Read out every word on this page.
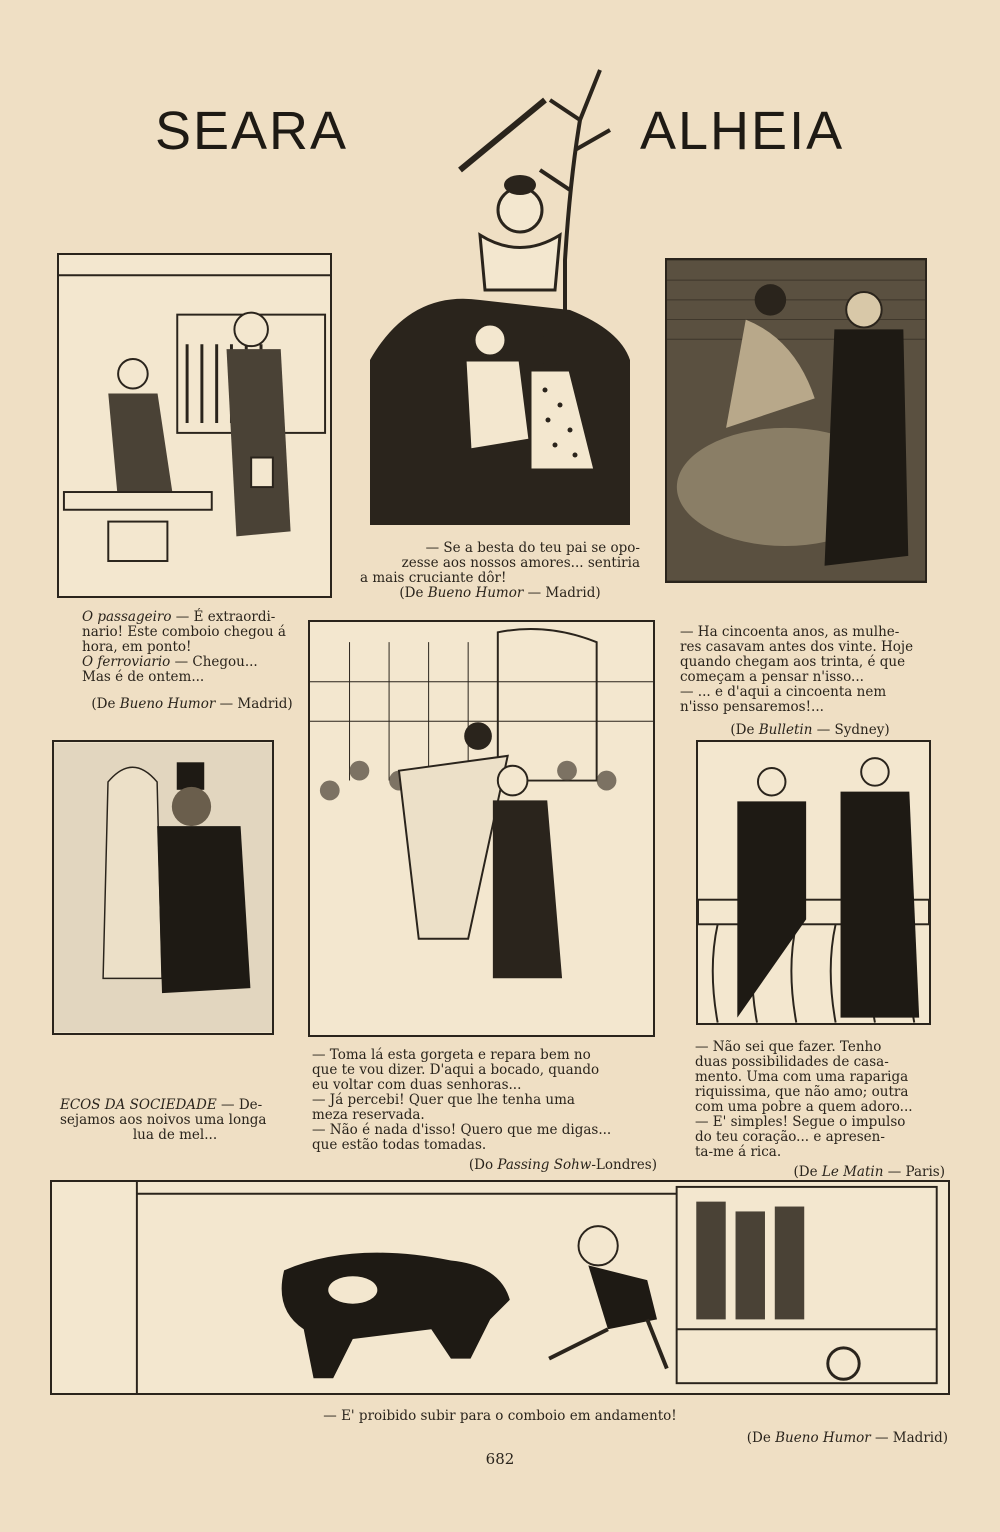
SEARA	ALHEIA

— Se a besta do teu pai se opo-

zesse aos nossos amores... sentiria

a mais cruciante dôr!

(De Bueno Humor — Madrid)

O passageiro — É extraordi-

nario! Este comboio chegou á

hora, em ponto!

O ferroviario — Chegou...

Mas é de ontem...

(De Bueno Humor — Madrid)

— Ha cincoenta anos, as mulhe-

res casavam antes dos vinte. Hoje

quando chegam aos trinta, é que

começam a pensar n'isso...

— ... e d'aqui a cincoenta nem

n'isso pensaremos!...

(De Bulletin — Sydney)

ECOS DA SOCIEDADE — De-

sejamos aos noivos uma longa

lua de mel...

— Toma lá esta gorgeta e repara bem no

que te vou dizer. D'aqui a bocado, quando

eu voltar com duas senhoras...

— Já percebi! Quer que lhe tenha uma

meza reservada.

— Não é nada d'isso! Quero que me digas...

que estão todas tomadas.

(Do Passing Sohw-Londres)

— Não sei que fazer. Tenho

duas possibilidades de casa-

mento. Uma com uma rapariga

riquissima, que não amo; outra

com uma pobre a quem adoro...

— E' simples! Segue o impulso

do teu coração... e apresen-

ta-me á rica.

(De Le Matin — Paris)

— E' proibido subir para o comboio em andamento!
(De Bueno Humor — Madrid)
682
